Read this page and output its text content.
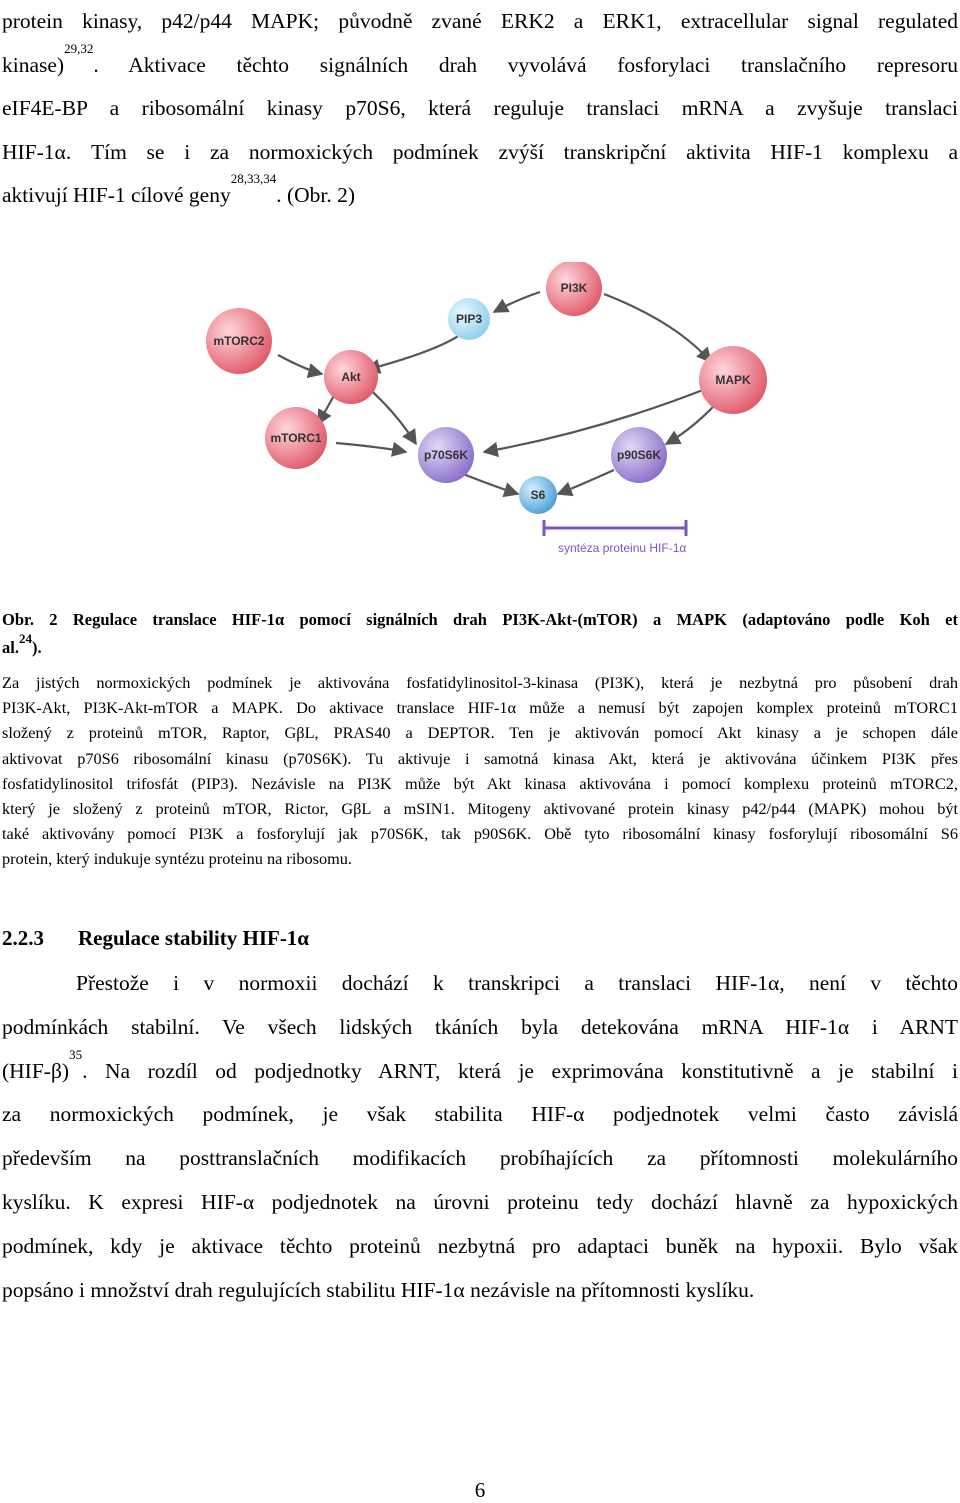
protein kinasy, p42/p44 MAPK; původně zvané ERK2 a ERK1, extracellular signal regulated
kinase)$^{29,32}$. Aktivace těchto signálních drah vyvolává fosforylaci translačního represoru
eIF4E-BP a ribosomální kinasy p70S6, která reguluje translaci mRNA a zvyšuje translaci
HIF-1α. Tím se i za normoxických podmínek zvýší transkripční aktivita HIF-1 komplexu a
aktivují HIF-1 cílové geny$^{28,33,34}$. (Obr. 2)
syntéza proteinu HIF-1α
PI3K
PIP3
mTORC2
Akt	MAPK
mTORC1
p70S6K	p90S6K
S6
Obr. 2 Regulace translace HIF-1α pomocí signálních drah PI3K-Akt-(mTOR) a MAPK (adaptováno podle Koh et
al.$^{24}$).
Za jistých normoxických podmínek je aktivována fosfatidylinositol-3-kinasa (PI3K), která je nezbytná pro působení drah
PI3K-Akt, PI3K-Akt-mTOR a MAPK. Do aktivace translace HIF-1α může a nemusí být zapojen komplex proteinů mTORC1
složený z proteinů mTOR, Raptor, GβL, PRAS40 a DEPTOR. Ten je aktivován pomocí Akt kinasy a je schopen dále
aktivovat p70S6 ribosomální kinasu (p70S6K). Tu aktivuje i samotná kinasa Akt, která je aktivována účinkem PI3K přes
fosfatidylinositol trifosfát (PIP3). Nezávisle na PI3K může být Akt kinasa aktivována i pomocí komplexu proteinů mTORC2,
který je složený z proteinů mTOR, Rictor, GβL a mSIN1. Mitogeny aktivované protein kinasy p42/p44 (MAPK) mohou být
také aktivovány pomocí PI3K a fosforylují jak p70S6K, tak p90S6K. Obě tyto ribosomální kinasy fosforylují ribosomální S6
protein, který indukuje syntézu proteinu na ribosomu.
2.2.3 Regulace stability HIF-1α
Přestože i v normoxii dochází k transkripci a translaci HIF-1α, není v těchto
podmínkách stabilní. Ve všech lidských tkáních byla detekována mRNA HIF-1α i ARNT
$(HIF-\beta)^{35}$. Na rozdíl od podjednotky ARNT, která je exprimována konstitutivně a je stabilní i
za normoxických podmínek, je však stabilita HIF-α podjednotek velmi často závislá
především na posttranslačních modifikacích probíhajících za přítomnosti molekulárního
kyslíku. K expresi HIF-α podjednotek na úrovni proteinu tedy dochází hlavně za hypoxických
podmínek, kdy je aktivace těchto proteinů nezbytná pro adaptaci buněk na hypoxii. Bylo však
popsáno i množství drah regulujících stabilitu HIF-1α nezávisle na přítomnosti kyslíku.
6
